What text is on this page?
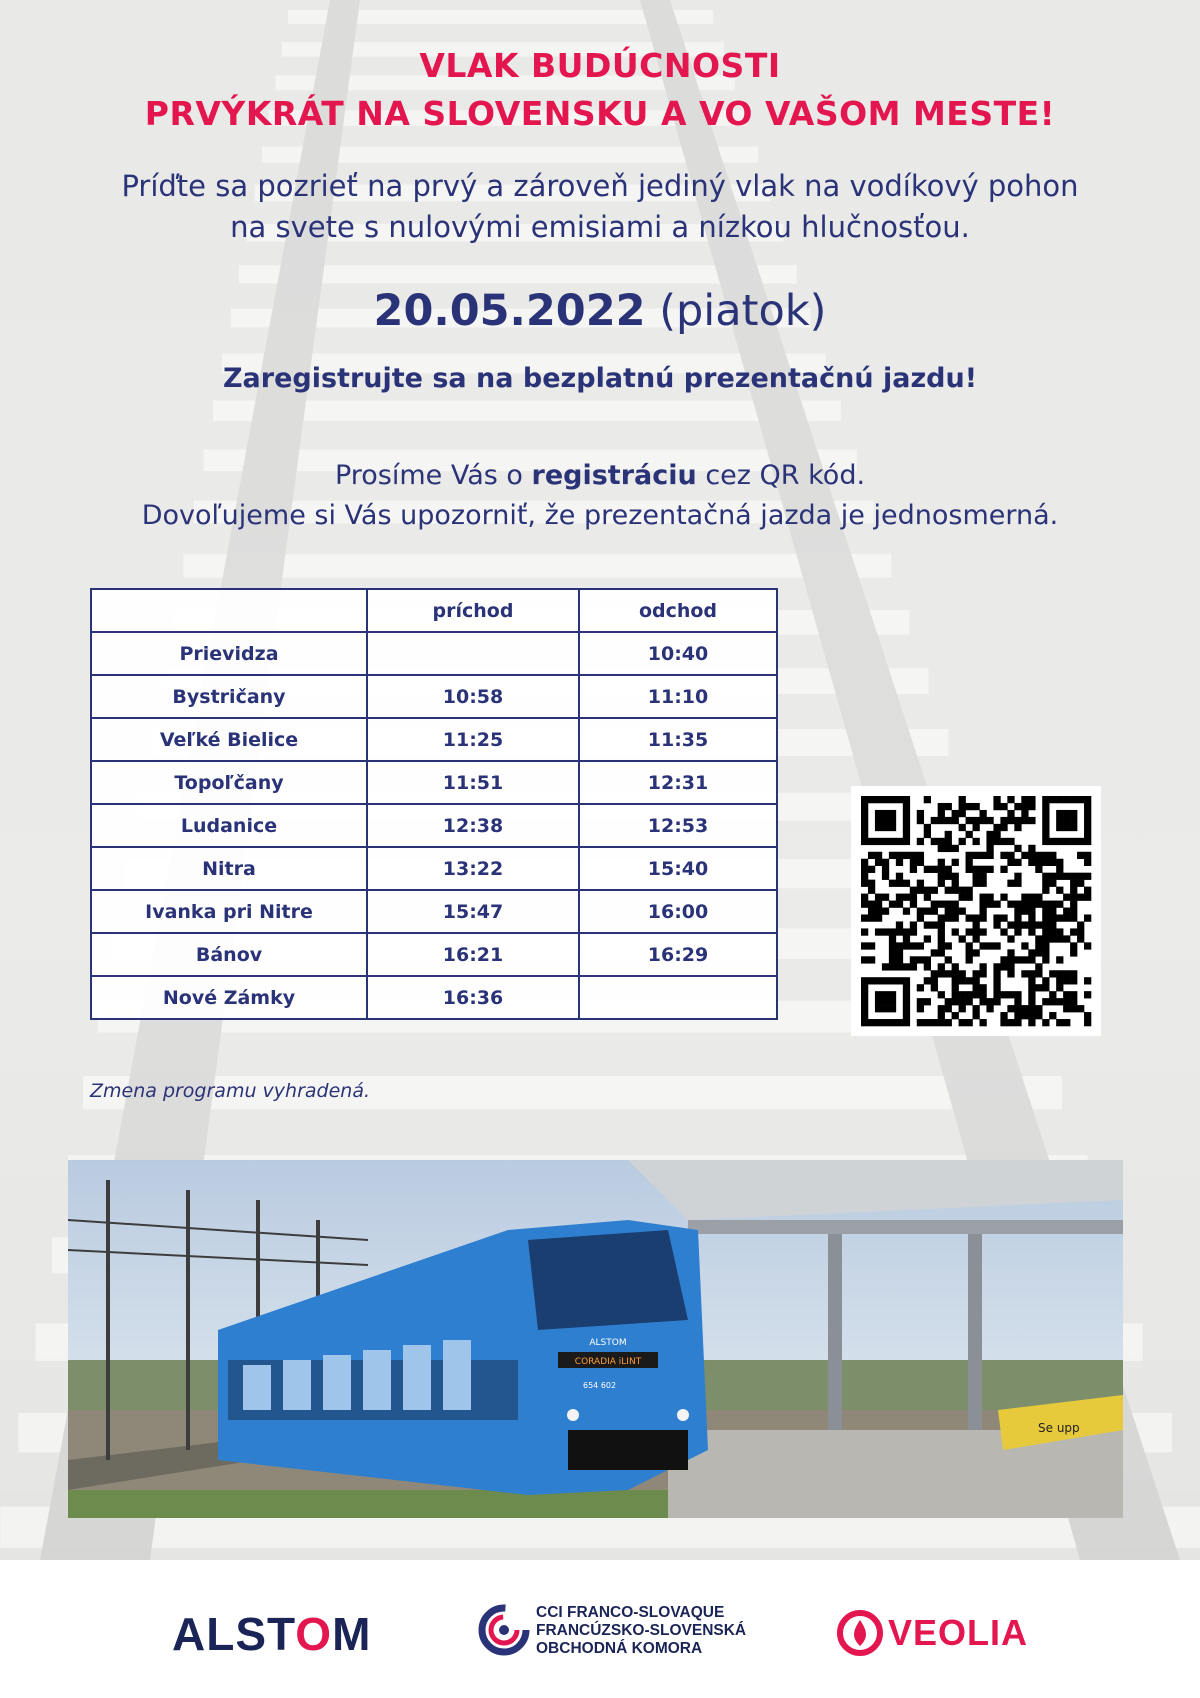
VLAK BUDÚCNOSTI
PRVÝKRÁT NA SLOVENSKU A VO VAŠOM MESTE!
Príďte sa pozrieť na prvý a zároveň jediný vlak na vodíkový pohon
na svete s nulovými emisiami a nízkou hlučnosťou.
20.05.2022 (piatok)
Zaregistrujte sa na bezplatnú prezentačnú jazdu!
Prosíme Vás o registráciu cez QR kód.
Dovoľujeme si Vás upozorniť, že prezentačná jazda je jednosmerná.
	príchod	odchod
Prievidza		10:40
Bystričany	10:58	11:10
Veľké Bielice	11:25	11:35
Topoľčany	11:51	12:31
Ludanice	12:38	12:53
Nitra	13:22	15:40
Ivanka pri Nitre	15:47	16:00
Bánov	16:21	16:29
Nové Zámky	16:36	
Zmena programu vyhradená.
CORADIA iLINT
ALSTOM
654 602
Se upp
ALSTOM	CCI FRANCO-SLOVAQUE
FRANCÚZSKO-SLOVENSKÁ
OBCHODNÁ KOMORA	VEOLIA
